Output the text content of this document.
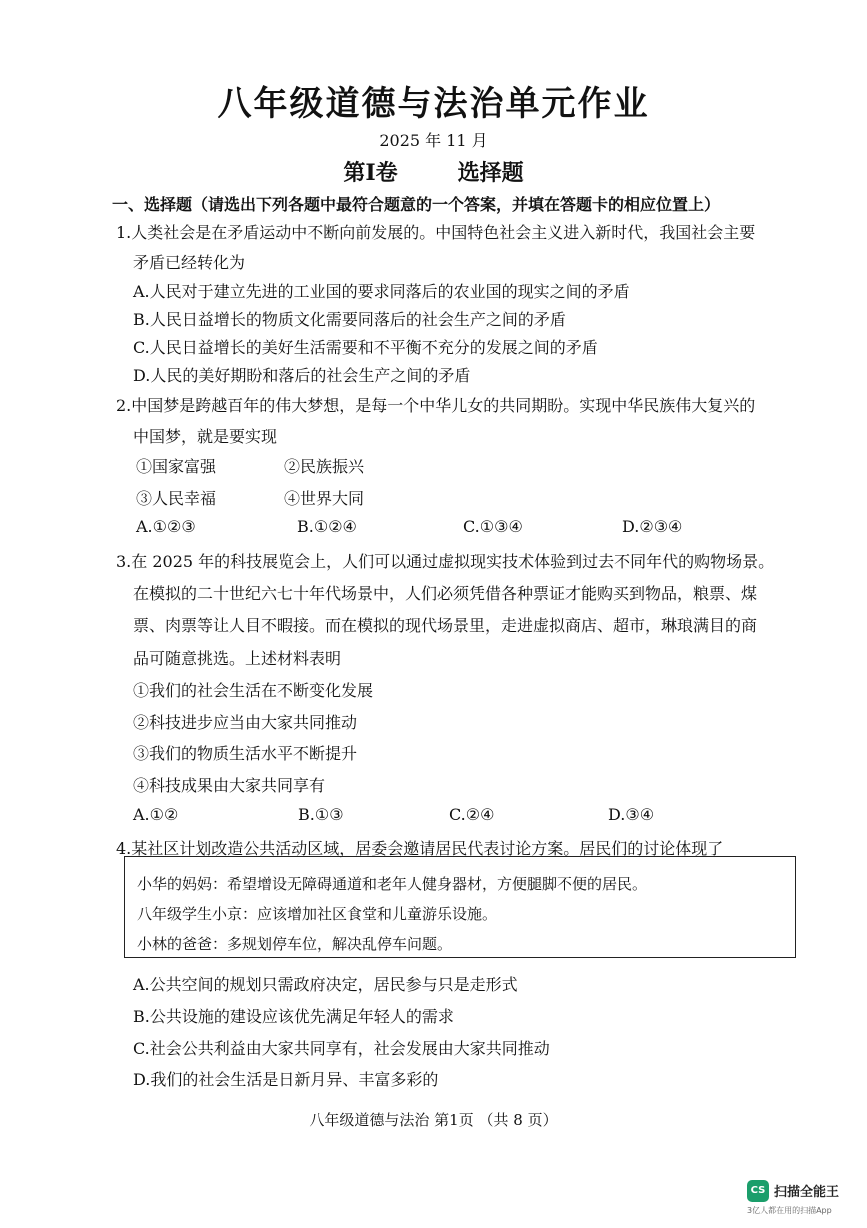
八年级道德与法治单元作业
2025 年 11 月
第Ⅰ卷	选择题
一、选择题（请选出下列各题中最符合题意的一个答案，并填在答题卡的相应位置上）
1.人类社会是在矛盾运动中不断向前发展的。中国特色社会主义进入新时代，我国社会主要
矛盾已经转化为
A.人民对于建立先进的工业国的要求同落后的农业国的现实之间的矛盾
B.人民日益增长的物质文化需要同落后的社会生产之间的矛盾
C.人民日益增长的美好生活需要和不平衡不充分的发展之间的矛盾
D.人民的美好期盼和落后的社会生产之间的矛盾
2.中国梦是跨越百年的伟大梦想，是每一个中华儿女的共同期盼。实现中华民族伟大复兴的
中国梦，就是要实现
①国家富强	②民族振兴
③人民幸福	④世界大同
A.①②③	B.①②④	C.①③④	D.②③④
3.在 2025 年的科技展览会上，人们可以通过虚拟现实技术体验到过去不同年代的购物场景。
在模拟的二十世纪六七十年代场景中，人们必须凭借各种票证才能购买到物品，粮票、煤
票、肉票等让人目不暇接。而在模拟的现代场景里，走进虚拟商店、超市，琳琅满目的商
品可随意挑选。上述材料表明
①我们的社会生活在不断变化发展
②科技进步应当由大家共同推动
③我们的物质生活水平不断提升
④科技成果由大家共同享有
A.①②	B.①③	C.②④	D.③④
4.某社区计划改造公共活动区域，居委会邀请居民代表讨论方案。居民们的讨论体现了
小华的妈妈：希望增设无障碍通道和老年人健身器材，方便腿脚不便的居民。
八年级学生小京：应该增加社区食堂和儿童游乐设施。
小林的爸爸：多规划停车位，解决乱停车问题。
A.公共空间的规划只需政府决定，居民参与只是走形式
B.公共设施的建设应该优先满足年轻人的需求
C.社会公共利益由大家共同享有，社会发展由大家共同推动
D.我们的社会生活是日新月异、丰富多彩的
八年级道德与法治 第1页 （共 8 页）
CS 扫描全能王
3亿人都在用的扫描App
